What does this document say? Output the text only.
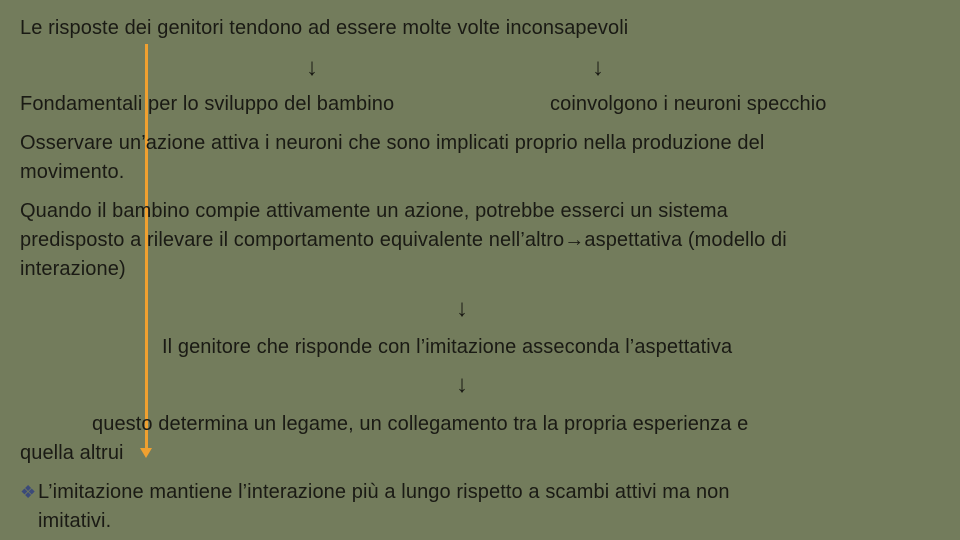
Le risposte dei genitori tendono ad essere molte volte inconsapevoli
↓	↓
Fondamentali per lo sviluppo del bambino	coinvolgono i neuroni specchio
Osservare un’azione attiva i neuroni che sono implicati proprio nella produzione del
movimento.
Quando il bambino compie attivamente un azione, potrebbe esserci un sistema
predisposto a rilevare il comportamento equivalente nell’altro→aspettativa (modello di
interazione)
↓
Il genitore che risponde con l’imitazione asseconda l’aspettativa
↓
questo determina un legame, un collegamento tra la propria esperienza e
quella altrui
❖ L’imitazione mantiene l’interazione più a lungo rispetto a scambi attivi ma non
imitativi.
